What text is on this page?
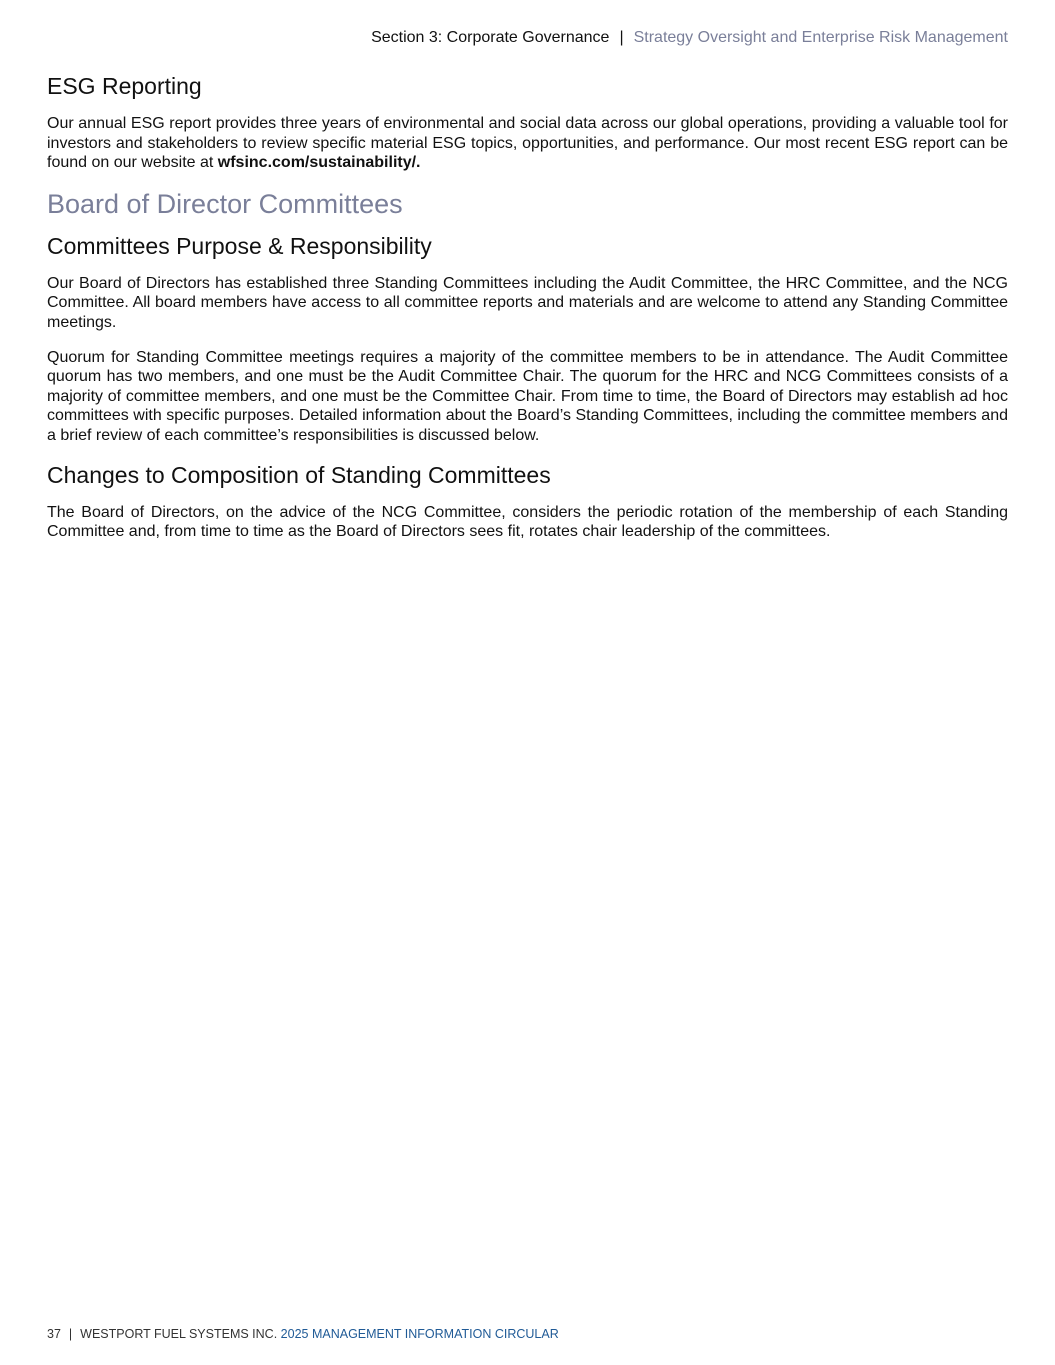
Section 3: Corporate Governance | Strategy Oversight and Enterprise Risk Management
ESG Reporting

Our annual ESG report provides three years of environmental and social data across our global operations, providing a valuable tool for investors and stakeholders to review specific material ESG topics, opportunities, and performance. Our most recent ESG report can be found on our website at wfsinc.com/sustainability/.

Board of Director Committees
Committees Purpose & Responsibility

Our Board of Directors has established three Standing Committees including the Audit Committee, the HRC Committee, and the NCG Committee. All board members have access to all committee reports and materials and are welcome to attend any Standing Committee meetings.

Quorum for Standing Committee meetings requires a majority of the committee members to be in attendance. The Audit Committee quorum has two members, and one must be the Audit Committee Chair. The quorum for the HRC and NCG Committees consists of a majority of committee members, and one must be the Committee Chair. From time to time, the Board of Directors may establish ad hoc committees with specific purposes. Detailed information about the Board’s Standing Committees, including the committee members and a brief review of each committee’s responsibilities is discussed below.

Changes to Composition of Standing Committees

The Board of Directors, on the advice of the NCG Committee, considers the periodic rotation of the membership of each Standing Committee and, from time to time as the Board of Directors sees fit, rotates chair leadership of the committees.

37 | WESTPORT FUEL SYSTEMS INC. 2025 MANAGEMENT INFORMATION CIRCULAR
